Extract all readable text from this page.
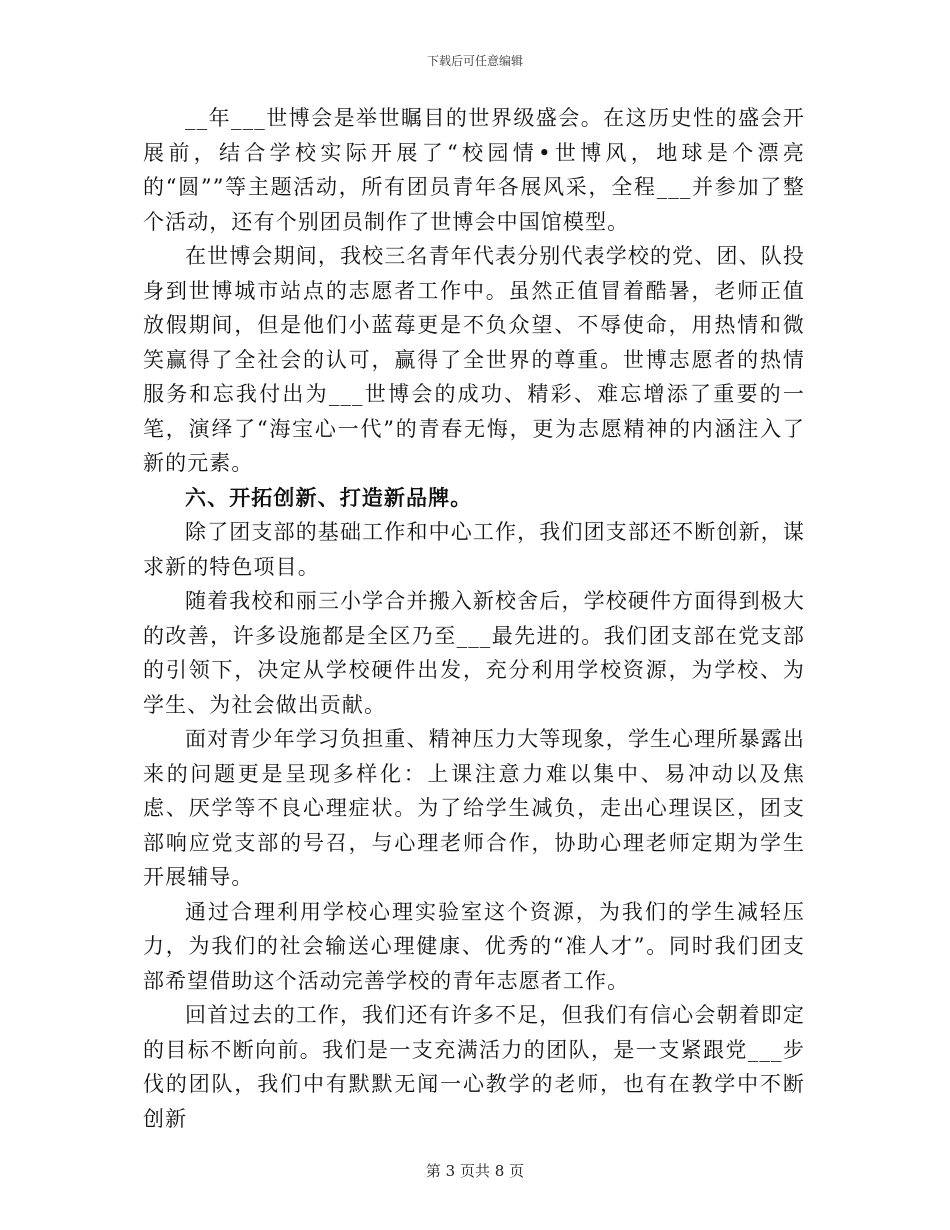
下载后可任意编辑

__年___世博会是举世瞩目的世界级盛会。在这历史性的盛会开展前，结合学校实际开展了“校园情•世博风，地球是个漂亮的“圆””等主题活动，所有团员青年各展风采，全程___并参加了整个活动，还有个别团员制作了世博会中国馆模型。

在世博会期间，我校三名青年代表分别代表学校的党、团、队投身到世博城市站点的志愿者工作中。虽然正值冒着酷暑，老师正值放假期间，但是他们小蓝莓更是不负众望、不辱使命，用热情和微笑赢得了全社会的认可，赢得了全世界的尊重。世博志愿者的热情服务和忘我付出为___世博会的成功、精彩、难忘增添了重要的一笔，演绎了“海宝心一代”的青春无悔，更为志愿精神的内涵注入了新的元素。

六、开拓创新、打造新品牌。

除了团支部的基础工作和中心工作，我们团支部还不断创新，谋求新的特色项目。

随着我校和丽三小学合并搬入新校舍后，学校硬件方面得到极大的改善，许多设施都是全区乃至___最先进的。我们团支部在党支部的引领下，决定从学校硬件出发，充分利用学校资源，为学校、为学生、为社会做出贡献。

面对青少年学习负担重、精神压力大等现象，学生心理所暴露出来的问题更是呈现多样化：上课注意力难以集中、易冲动以及焦虑、厌学等不良心理症状。为了给学生减负，走出心理误区，团支部响应党支部的号召，与心理老师合作，协助心理老师定期为学生开展辅导。

通过合理利用学校心理实验室这个资源，为我们的学生减轻压力，为我们的社会输送心理健康、优秀的“准人才”。同时我们团支部希望借助这个活动完善学校的青年志愿者工作。

回首过去的工作，我们还有许多不足，但我们有信心会朝着即定的目标不断向前。我们是一支充满活力的团队，是一支紧跟党___步伐的团队，我们中有默默无闻一心教学的老师，也有在教学中不断创新

第 3 页共 8 页
